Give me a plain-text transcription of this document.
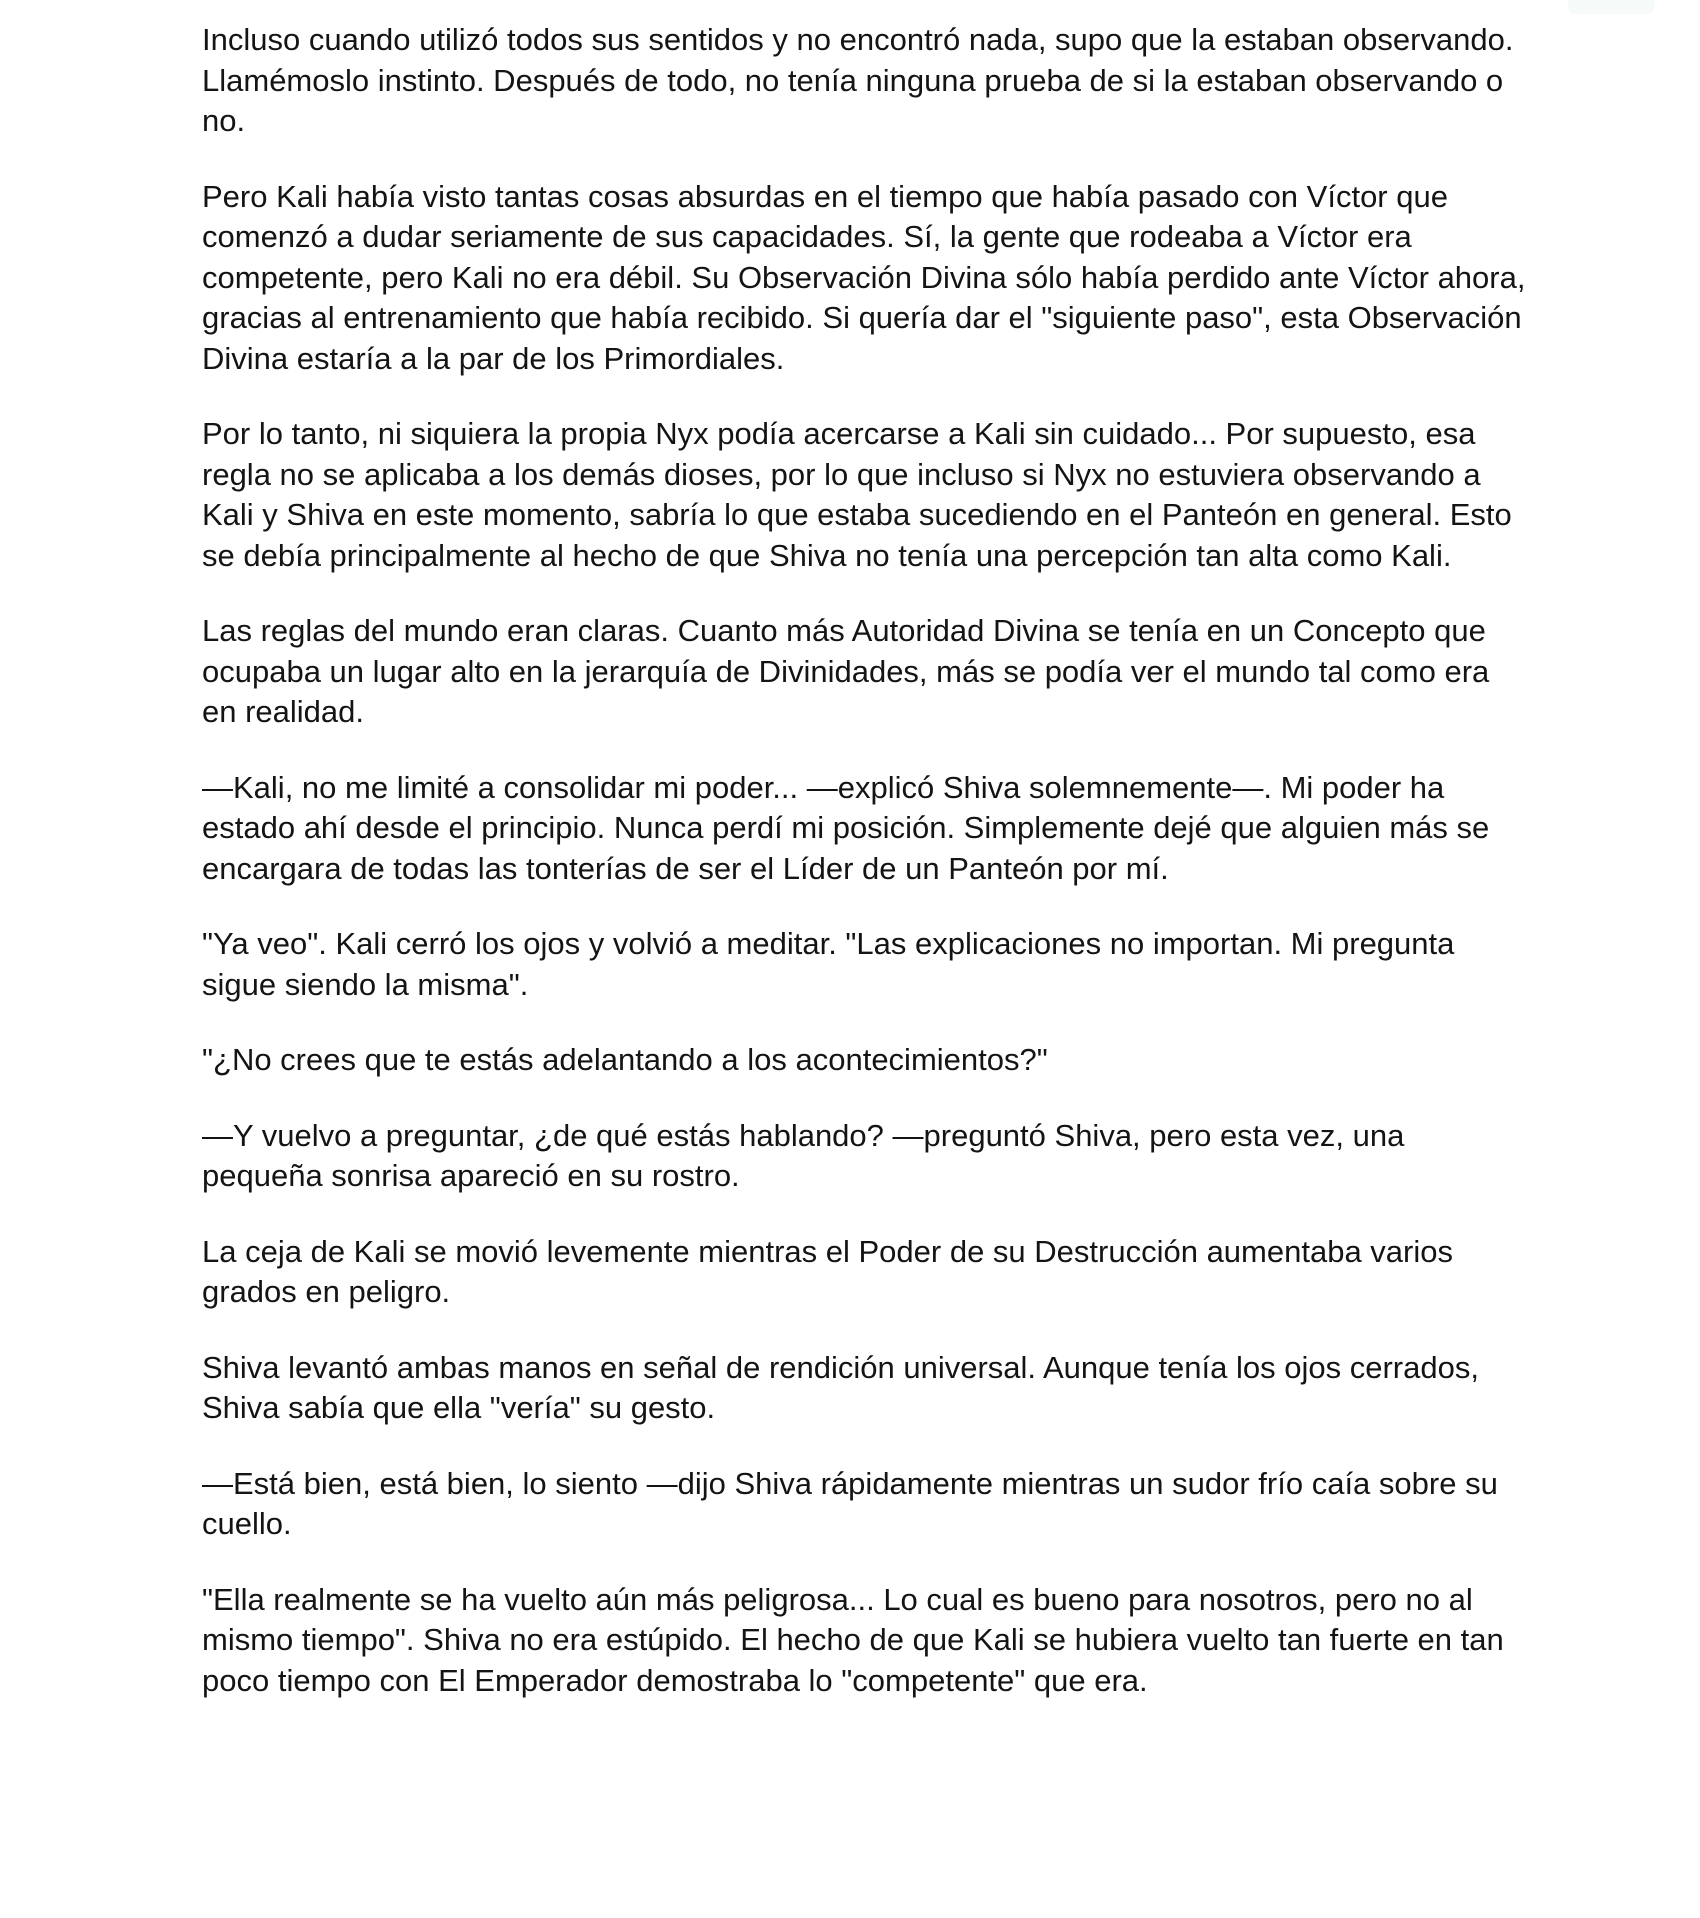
Incluso cuando utilizó todos sus sentidos y no encontró nada, supo que la estaban observando. Llamémoslo instinto. Después de todo, no tenía ninguna prueba de si la estaban observando o no.

Pero Kali había visto tantas cosas absurdas en el tiempo que había pasado con Víctor que comenzó a dudar seriamente de sus capacidades. Sí, la gente que rodeaba a Víctor era competente, pero Kali no era débil. Su Observación Divina sólo había perdido ante Víctor ahora, gracias al entrenamiento que había recibido. Si quería dar el "siguiente paso", esta Observación Divina estaría a la par de los Primordiales.

Por lo tanto, ni siquiera la propia Nyx podía acercarse a Kali sin cuidado... Por supuesto, esa regla no se aplicaba a los demás dioses, por lo que incluso si Nyx no estuviera observando a Kali y Shiva en este momento, sabría lo que estaba sucediendo en el Panteón en general. Esto se debía principalmente al hecho de que Shiva no tenía una percepción tan alta como Kali.

Las reglas del mundo eran claras. Cuanto más Autoridad Divina se tenía en un Concepto que ocupaba un lugar alto en la jerarquía de Divinidades, más se podía ver el mundo tal como era en realidad.

—Kali, no me limité a consolidar mi poder... —explicó Shiva solemnemente—. Mi poder ha estado ahí desde el principio. Nunca perdí mi posición. Simplemente dejé que alguien más se encargara de todas las tonterías de ser el Líder de un Panteón por mí.

"Ya veo". Kali cerró los ojos y volvió a meditar. "Las explicaciones no importan. Mi pregunta sigue siendo la misma".

"¿No crees que te estás adelantando a los acontecimientos?"

—Y vuelvo a preguntar, ¿de qué estás hablando? —preguntó Shiva, pero esta vez, una pequeña sonrisa apareció en su rostro.

La ceja de Kali se movió levemente mientras el Poder de su Destrucción aumentaba varios grados en peligro.

Shiva levantó ambas manos en señal de rendición universal. Aunque tenía los ojos cerrados, Shiva sabía que ella "vería" su gesto.

—Está bien, está bien, lo siento —dijo Shiva rápidamente mientras un sudor frío caía sobre su cuello.

"Ella realmente se ha vuelto aún más peligrosa... Lo cual es bueno para nosotros, pero no al mismo tiempo". Shiva no era estúpido. El hecho de que Kali se hubiera vuelto tan fuerte en tan poco tiempo con El Emperador demostraba lo "competente" que era.
